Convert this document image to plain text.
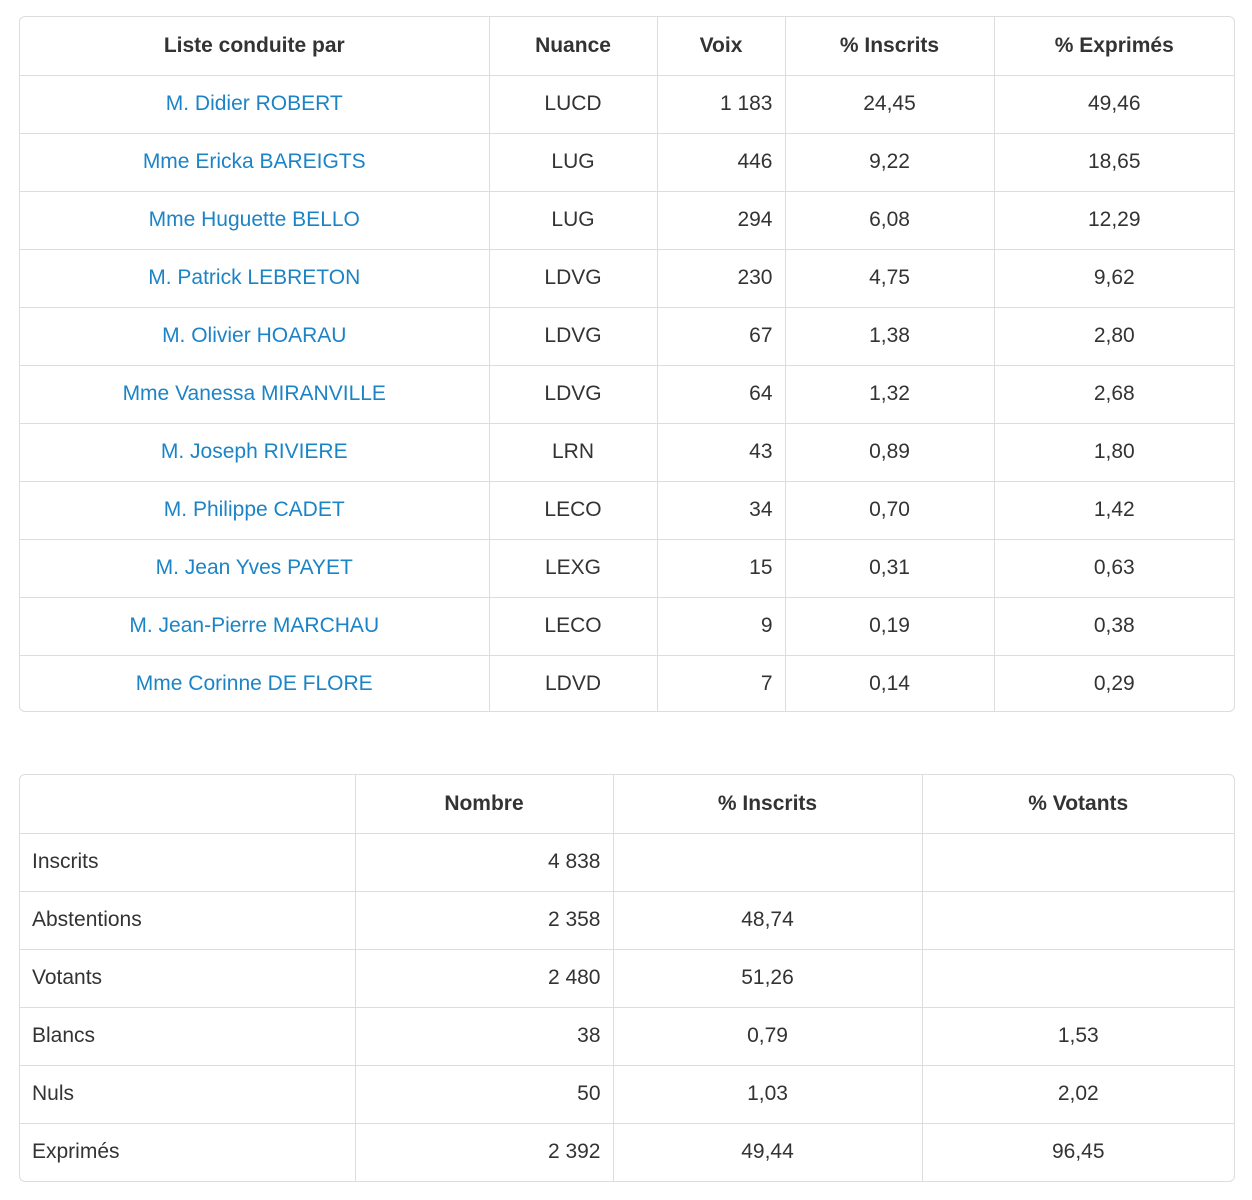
Liste conduite par	Nuance	Voix	% Inscrits	% Exprimés
M. Didier ROBERT	LUCD	1 183	24,45	49,46
Mme Ericka BAREIGTS	LUG	446	9,22	18,65
Mme Huguette BELLO	LUG	294	6,08	12,29
M. Patrick LEBRETON	LDVG	230	4,75	9,62
M. Olivier HOARAU	LDVG	67	1,38	2,80
Mme Vanessa MIRANVILLE	LDVG	64	1,32	2,68
M. Joseph RIVIERE	LRN	43	0,89	1,80
M. Philippe CADET	LECO	34	0,70	1,42
M. Jean Yves PAYET	LEXG	15	0,31	0,63
M. Jean-Pierre MARCHAU	LECO	9	0,19	0,38
Mme Corinne DE FLORE	LDVD	7	0,14	0,29
	Nombre	% Inscrits	% Votants
Inscrits	4 838		
Abstentions	2 358	48,74	
Votants	2 480	51,26	
Blancs	38	0,79	1,53
Nuls	50	1,03	2,02
Exprimés	2 392	49,44	96,45
